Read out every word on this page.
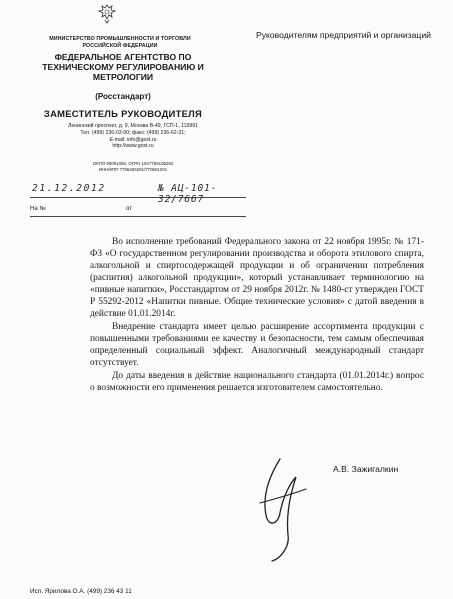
МИНИСТЕРСТВО ПРОМЫШЛЕННОСТИ И ТОРГОВЛИ РОССИЙСКОЙ ФЕДЕРАЦИИ
ФЕДЕРАЛЬНОЕ АГЕНТСТВО ПО ТЕХНИЧЕСКОМУ РЕГУЛИРОВАНИЮ И МЕТРОЛОГИИ
(Росстандарт)
ЗАМЕСТИТЕЛЬ РУКОВОДИТЕЛЯ
Ленинский проспект, д. 9, Москва В-49, ГСП-1, 119991
Тел. (499) 236-03-00; факс: (499) 236-62-31;
E-mail: info@gost.ru
http://www.gost.ru
ОКПО 00091050, ОГРН 1047796105292
ИНН/КПП 7706406291/770601001
21.12.2012	№ АЦ-101-32/7667
На №	от
Руководителям предприятий и организаций

Во исполнение требований Федерального закона от 22 ноября 1995г. № 171-ФЗ «О государственном регулировании производства и оборота этилового спирта, алкогольной и спиртосодержащей продукции и об ограничении потребления (распития) алкогольной продукции», который устанавливает терминологию на «пивные напитки», Росстандартом от 29 ноября 2012г. № 1480-ст утвержден ГОСТ Р 55292-2012 «Напитки пивные. Общие технические условия» с датой введения в действие 01.01.2014г.

Внедрение стандарта имеет целью расширение ассортимента продукции с повышенными требованиями ее качеству и безопасности, тем самым обеспечивая определенный социальный эффект. Аналогичный международный стандарт отсутствует.

До даты введения в действие национального стандарта (01.01.2014г.) вопрос о возможности его применения решается изготовителем самостоятельно.

А.В. Зажигалкин
Исп. Ярилова О.А. (499) 236 43 11
